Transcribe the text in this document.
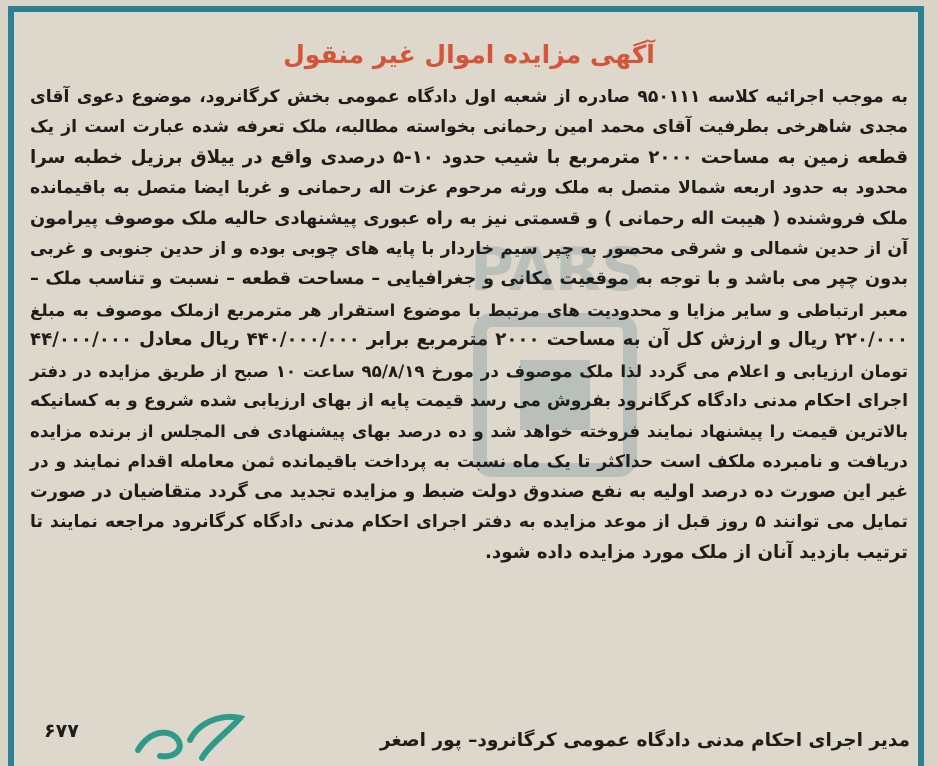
PARS
آگهی مزایده اموال غیر منقول
به موجب اجرائیه کلاسه ۹۵۰۱۱۱ صادره از شعبه اول دادگاه عمومی بخش کرگانرود، موضوع دعوی آقای
مجدی شاهرخی بطرفیت آقای محمد امین رحمانی بخواسته مطالبه، ملک تعرفه شده عبارت است از یک
قطعه زمین به مساحت ۲۰۰۰ مترمربع با شیب حدود ۱۰-۵ درصدی واقع در ییلاق برزیل خطبه سرا
محدود به حدود اربعه شمالا متصل به ملک ورثه مرحوم عزت اله رحمانی و غربا ایضا متصل به باقیمانده
ملک فروشنده ( هیبت اله رحمانی ) و قسمتی نیز به راه عبوری پیشنهادی حالیه ملک موصوف پیرامون
آن از حدین شمالی و شرقی محصور به چپر سیم خاردار با پایه های چوبی بوده و از حدین جنوبی و غربی
بدون چپر می باشد و با توجه به موقعیت مکانی و جغرافیایی – مساحت قطعه – نسبت و تناسب ملک –
معبر ارتباطی و سایر مزایا و محدودیت های مرتبط با موضوع استقرار هر مترمربع ازملک موصوف به مبلغ
۲۲۰/۰۰۰ ریال و ارزش کل آن به مساحت ۲۰۰۰ مترمربع برابر ۴۴۰/۰۰۰/۰۰۰ ریال معادل ۴۴/۰۰۰/۰۰۰
تومان ارزیابی و اعلام می گردد لذا ملک موصوف در مورخ ۹۵/۸/۱۹ ساعت ۱۰ صبح از طریق مزایده در دفتر
اجرای احکام مدنی دادگاه کرگانرود بفروش می رسد قیمت پایه از بهای ارزیابی شده شروع و به کسانیکه
بالاترین قیمت را پیشنهاد نمایند فروخته خواهد شد و ده درصد بهای پیشنهادی فی المجلس از برنده مزایده
دریافت و نامبرده ملکف است حداکثر تا یک ماه نسبت به پرداخت باقیمانده ثمن معامله اقدام نمایند و در
غیر این صورت ده درصد اولیه به نفع صندوق دولت ضبط و مزایده تجدید می گردد متقاضیان در صورت
تمایل می توانند ۵ روز قبل از موعد مزایده به دفتر اجرای احکام مدنی دادگاه کرگانرود مراجعه نمایند تا
ترتیب بازدید آنان از ملک مورد مزایده داده شود.
۶۷۷	مدیر اجرای احکام مدنی دادگاه عمومی کرگانرود– پور اصغر
